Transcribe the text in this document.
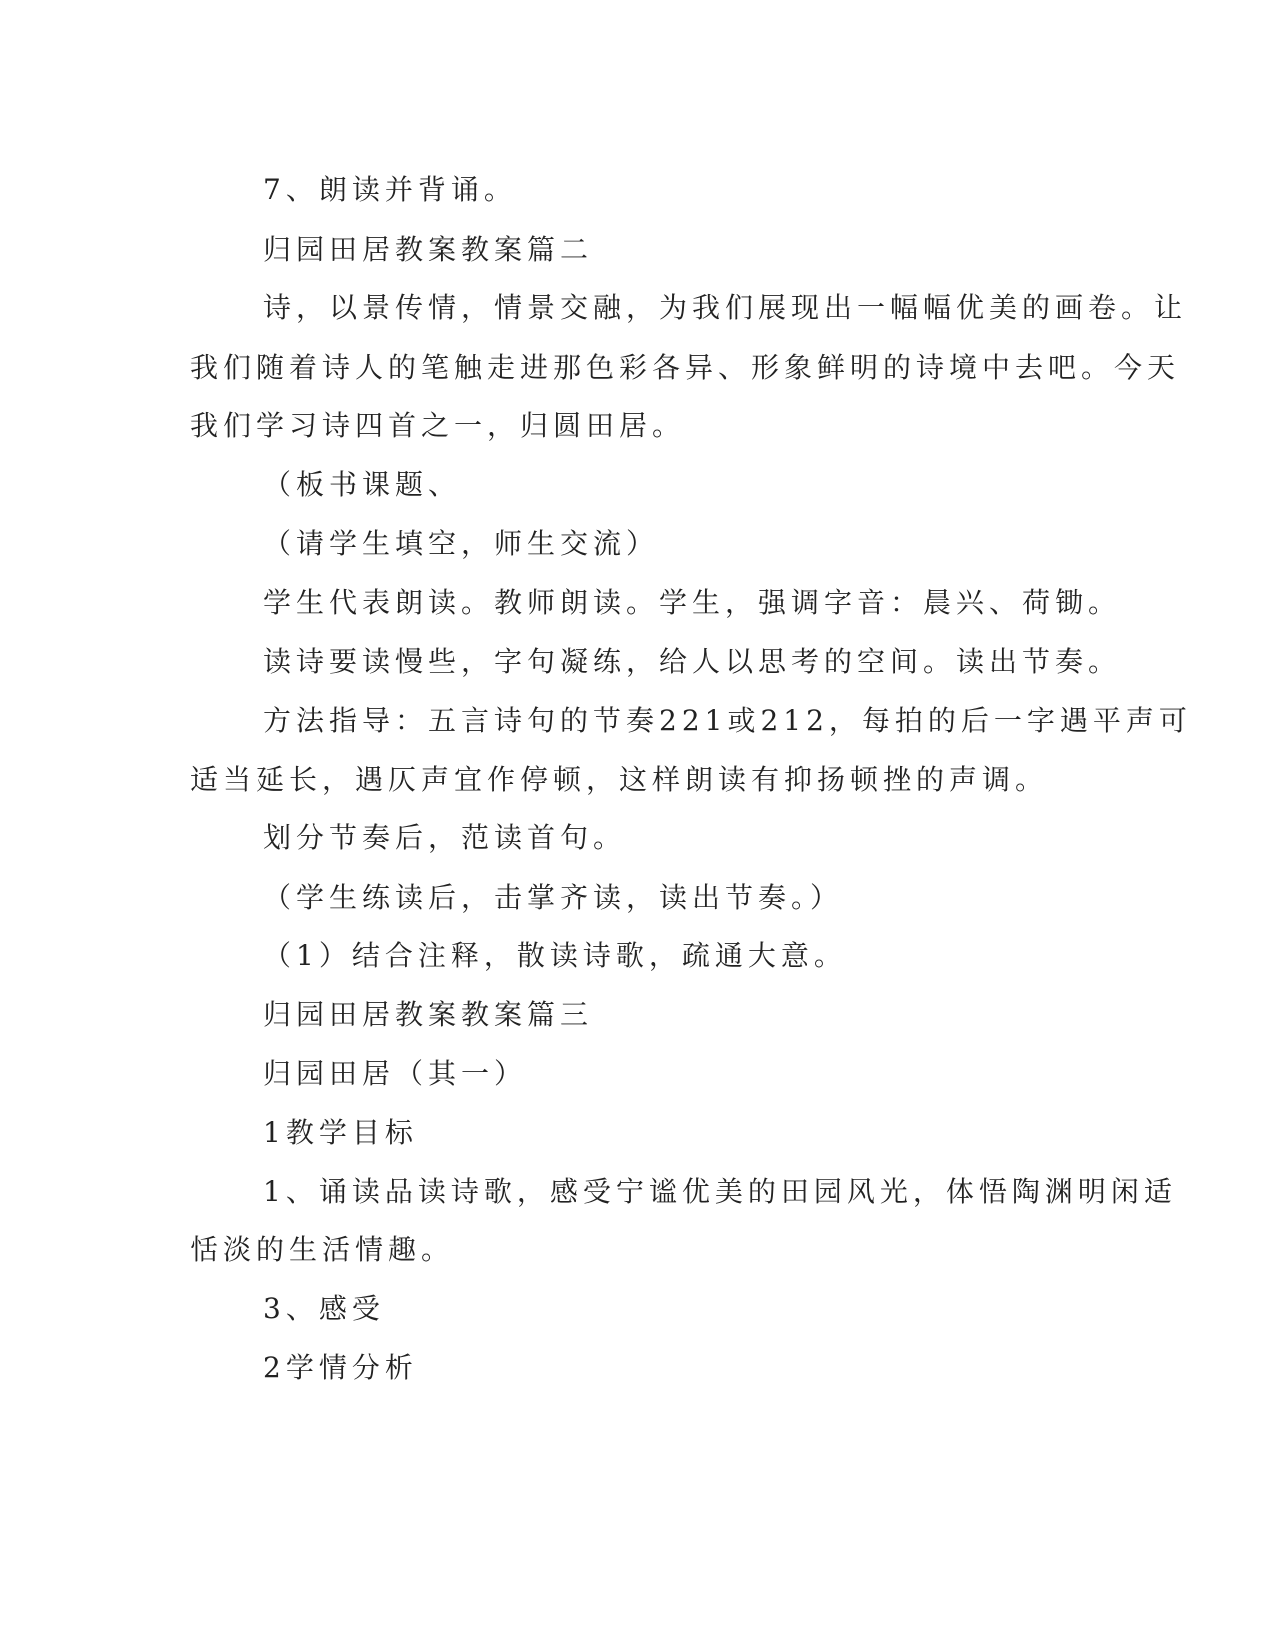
7、朗读并背诵。
归园田居教案教案篇二
诗，以景传情，情景交融，为我们展现出一幅幅优美的画卷。让
我们随着诗人的笔触走进那色彩各异、形象鲜明的诗境中去吧。今天
我们学习诗四首之一，归圆田居。
（板书课题、
（请学生填空，师生交流）
学生代表朗读。教师朗读。学生，强调字音：晨兴、荷锄。
读诗要读慢些，字句凝练，给人以思考的空间。读出节奏。
方法指导：五言诗句的节奏221或212，每拍的后一字遇平声可
适当延长，遇仄声宜作停顿，这样朗读有抑扬顿挫的声调。
划分节奏后，范读首句。
（学生练读后，击掌齐读，读出节奏。）
（1）结合注释，散读诗歌，疏通大意。
归园田居教案教案篇三
归园田居（其一）
1教学目标
1、诵读品读诗歌，感受宁谧优美的田园风光，体悟陶渊明闲适
恬淡的生活情趣。
3、感受
2学情分析
